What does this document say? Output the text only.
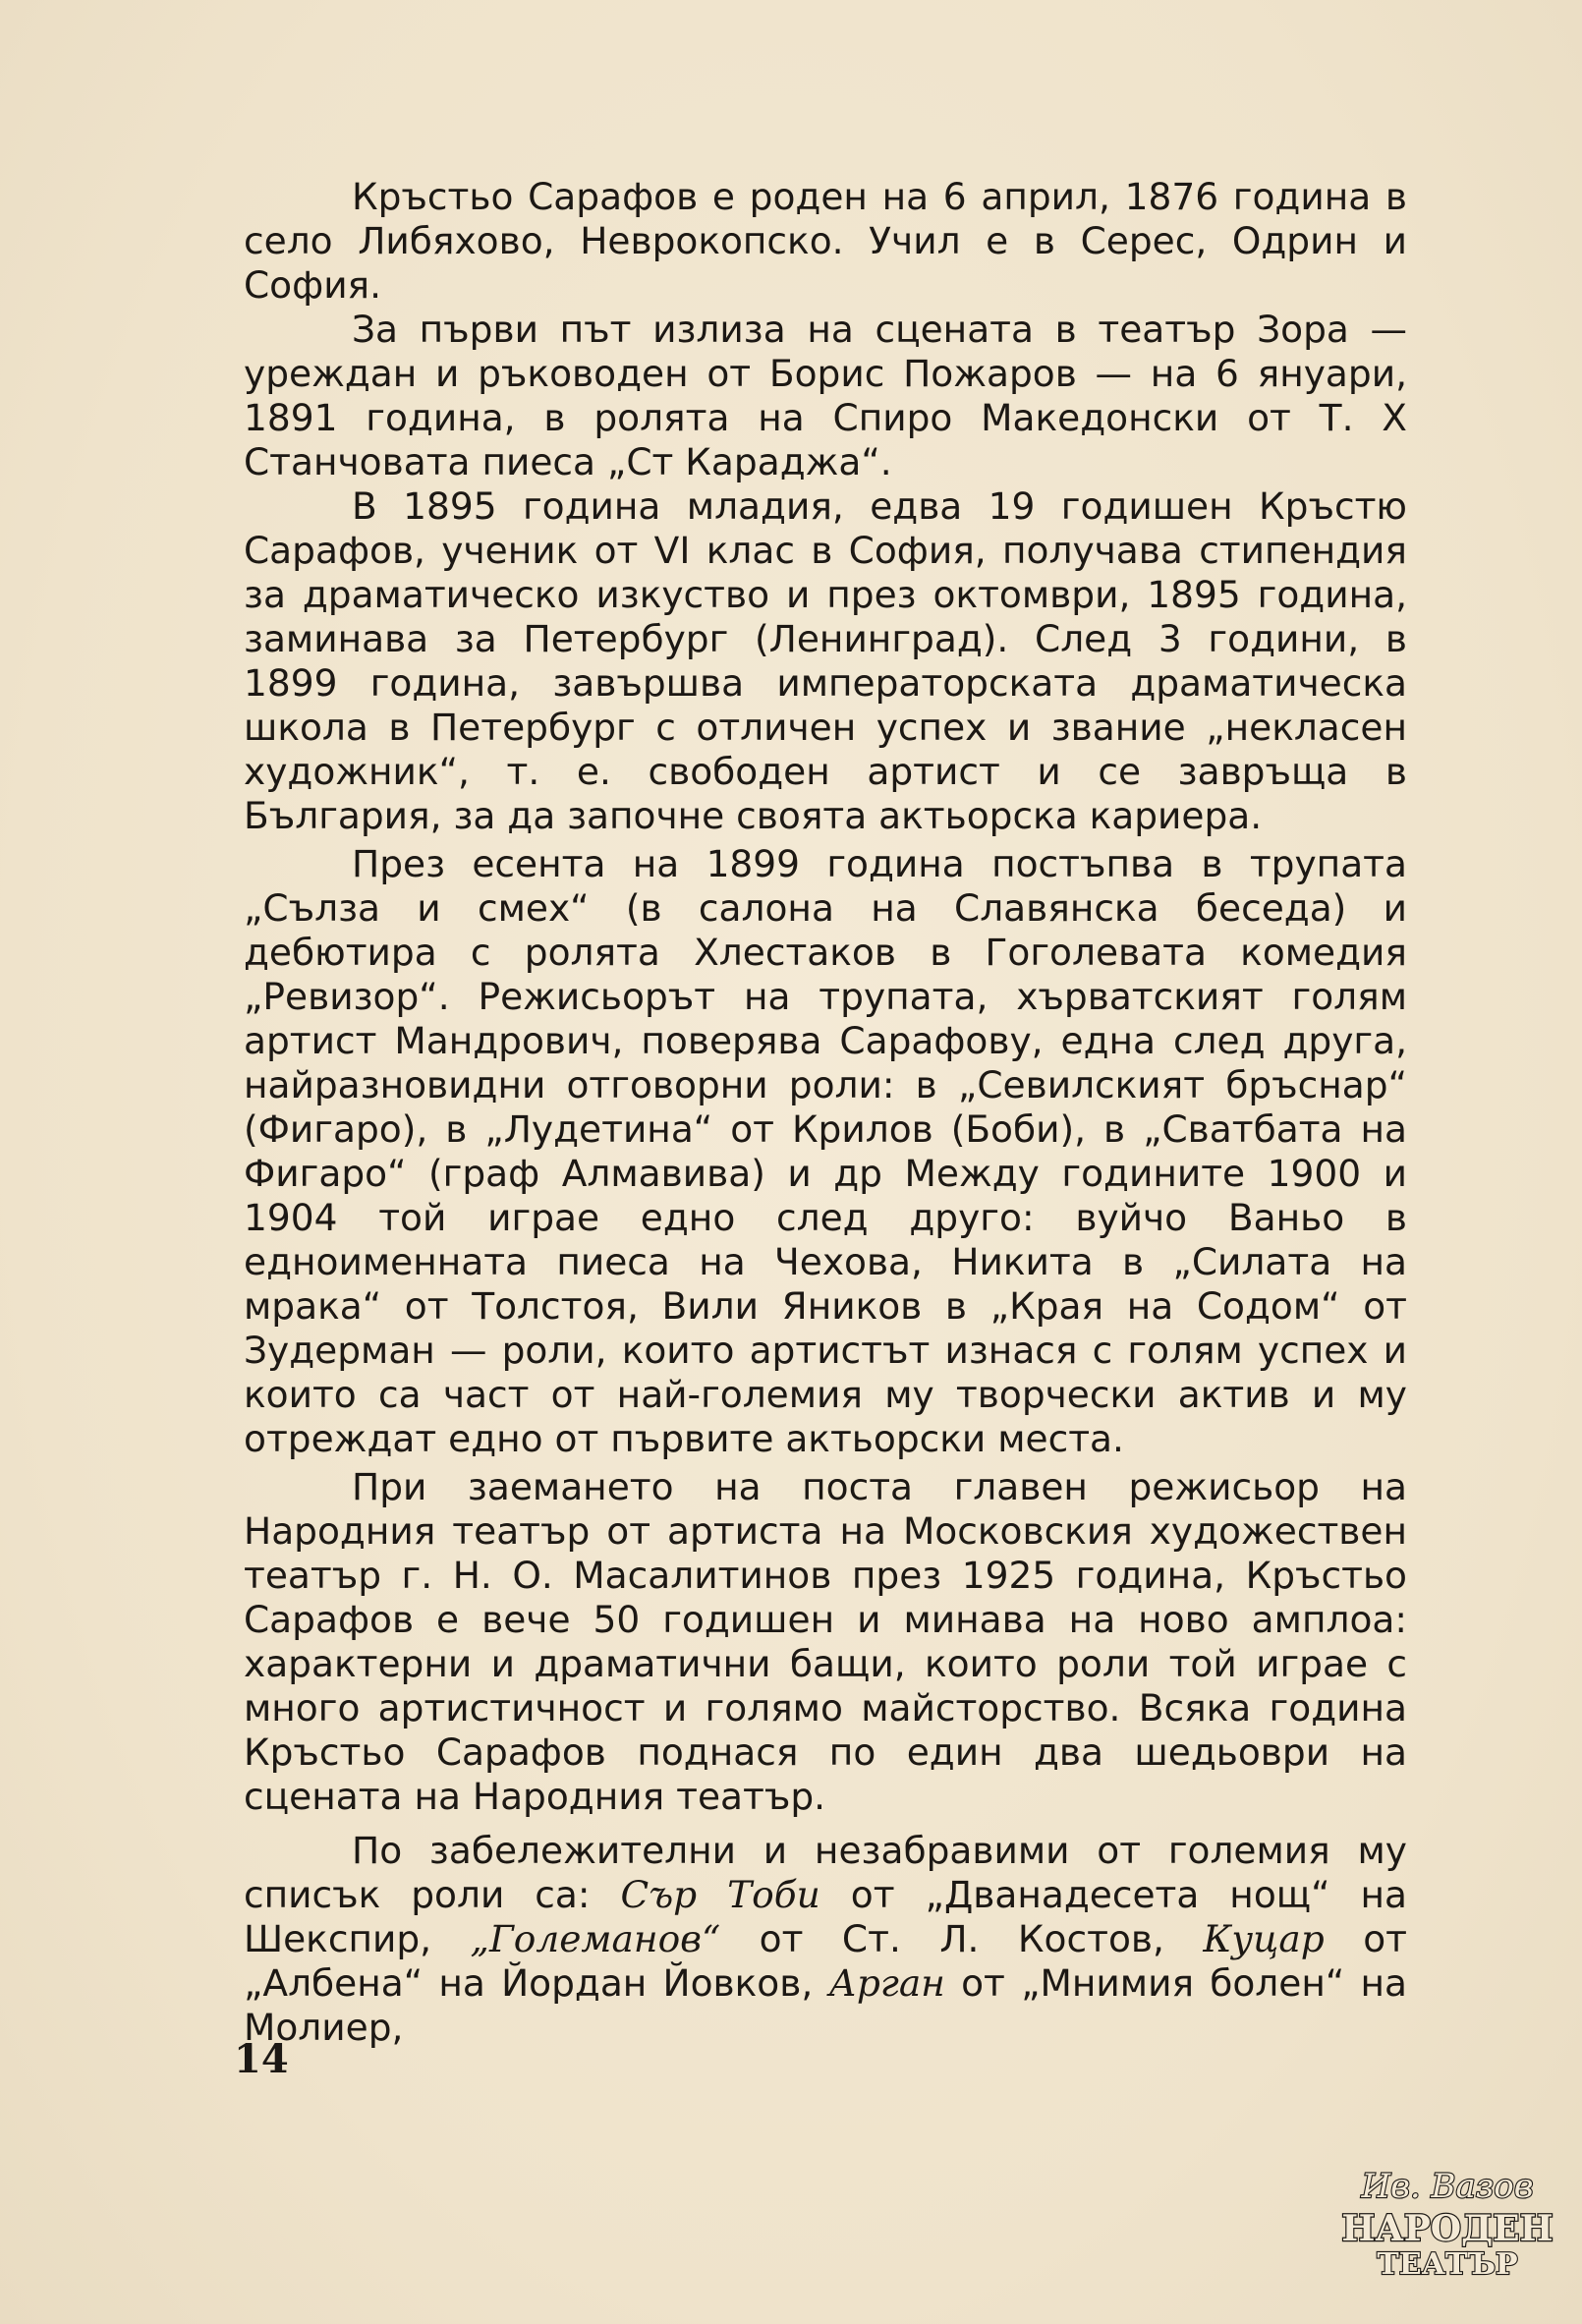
Кръстьо Сарафов е роден на 6 април, 1876 година в село Либяхово, Неврокопско. Учил е в Серес, Одрин и София.

За първи път излиза на сцената в театър Зора — уреждан и ръководен от Борис Пожаров — на 6 януари, 1891 година, в ролята на Спиро Македонски от Т. Х Станчовата пиеса „Ст Караджа“.

В 1895 година младия, едва 19 годишен Кръстю Сарафов, ученик от VI клас в София, получава стипендия за драматическо изкуство и през октомври, 1895 година, заминава за Петербург (Ленинград). След 3 години, в 1899 година, завършва императорската драматическа школа в Петербург с отличен успех и звание „некласен художник“, т. е. свободен артист и се завръща в България, за да започне своята актьорска кариера.

През есента на 1899 година постъпва в трупата „Сълза и смех“ (в салона на Славянска беседа) и дебютира с ролята Хлестаков в Гоголевата комедия „Ревизор“. Режисьорът на трупата, хърватският голям артист Мандрович, поверява Сарафову, една след друга, найразновидни отговорни роли: в „Севилският бръснар“ (Фигаро), в „Лудетина“ от Крилов (Боби), в „Сватбата на Фигаро“ (граф Алмавива) и др Между годините 1900 и 1904 той играе едно след друго: вуйчо Ваньо в едноименната пиеса на Чехова, Никита в „Силата на мрака“ от Толстоя, Вили Яников в „Края на Содом“ от Зудерман — роли, които артистът изнася с голям успех и които са част от най-големия му творчески актив и му отреждат едно от първите актьорски места.

При заемането на поста главен режисьор на Народния театър от артиста на Московския художествен театър г. Н. О. Масалитинов през 1925 година, Кръстьо Сарафов е вече 50 годишен и минава на ново амплоа: характерни и драматични бащи, които роли той играе с много артистичност и голямо майсторство. Всяка година Кръстьо Сарафов поднася по един два шедьоври на сцената на Народния театър.

По забележителни и незабравими от големия му списък роли са: Сър Тоби от „Дванадесета нощ“ на Шекспир, „Големанов“ от Ст. Л. Костов, Куцар от „Албена“ на Йордан Йовков, Арган от „Мнимия болен“ на Молиер,

14
Ив. Вазов
НАРОДЕН
ТЕАТЪР
